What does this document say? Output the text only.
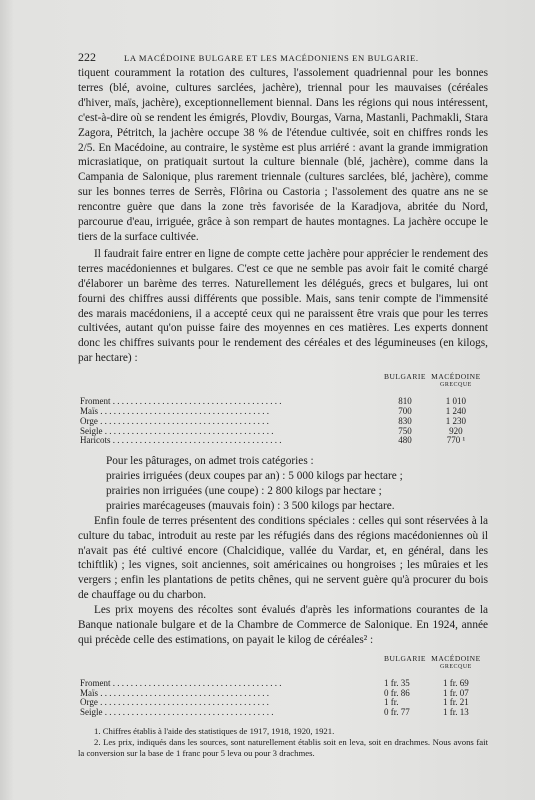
222	LA MACÉDOINE BULGARE ET LES MACÉDONIENS EN BULGARIE.

tiquent couramment la rotation des cultures, l'assolement quadriennal pour les bonnes terres (blé, avoine, cultures sarclées, jachère), triennal pour les mauvaises (céréales d'hiver, maïs, jachère), exceptionnellement biennal. Dans les régions qui nous intéressent, c'est-à-dire où se rendent les émigrés, Plovdiv, Bourgas, Varna, Mastanli, Pachmakli, Stara Zagora, Pétritch, la jachère occupe 38 % de l'étendue cultivée, soit en chiffres ronds les 2/5. En Macédoine, au contraire, le système est plus arriéré : avant la grande immigration micrasiatique, on pratiquait surtout la culture biennale (blé, jachère), comme dans la Campania de Salonique, plus rarement triennale (cultures sarclées, blé, jachère), comme sur les bonnes terres de Serrès, Flôrina ou Castoria ; l'assolement des quatre ans ne se rencontre guère que dans la zone très favorisée de la Karadjova, abritée du Nord, parcourue d'eau, irriguée, grâce à son rempart de hautes montagnes. La jachère occupe le tiers de la surface cultivée.

Il faudrait faire entrer en ligne de compte cette jachère pour apprécier le rendement des terres macédoniennes et bulgares. C'est ce que ne semble pas avoir fait le comité chargé d'élaborer un barème des terres. Naturellement les délégués, grecs et bulgares, lui ont fourni des chiffres aussi différents que possible. Mais, sans tenir compte de l'immensité des marais macédoniens, il a accepté ceux qui ne paraissent être vrais que pour les terres cultivées, autant qu'on puisse faire des moyennes en ces matières. Les experts donnent donc les chiffres suivants pour le rendement des céréales et des légumineuses (en kilogs, par hectare) :

	BULGARIE	MACÉDOINE
GRECQUE

Froment . . .	810	1 010
Maïs . . .	700	1 240
Orge . . .	830	1 230
Seigle . . .	750	920
Haricots . . .	480	770 ¹

Pour les pâturages, on admet trois catégories :

prairies irriguées (deux coupes par an) : 5 000 kilogs par hectare ;

prairies non irriguées (une coupe) : 2 800 kilogs par hectare ;

prairies marécageuses (mauvais foin) : 3 500 kilogs par hectare.

Enfin foule de terres présentent des conditions spéciales : celles qui sont réservées à la culture du tabac, introduit au reste par les réfugiés dans des régions macédoniennes où il n'avait pas été cultivé encore (Chalcidique, vallée du Vardar, et, en général, dans les tchiftlik) ; les vignes, soit anciennes, soit américaines ou hongroises ; les mûraies et les vergers ; enfin les plantations de petits chênes, qui ne servent guère qu'à procurer du bois de chauffage ou du charbon.

Les prix moyens des récoltes sont évalués d'après les informations courantes de la Banque nationale bulgare et de la Chambre de Commerce de Salonique. En 1924, année qui précède celle des estimations, on payait le kilog de céréales² :

	BULGARIE	MACÉDOINE
GRECQUE

Froment . . .	1 fr. 35	1 fr. 69
Maïs . . .	0 fr. 86	1 fr. 07
Orge . . .	1 fr.	1 fr. 21
Seigle . . .	0 fr. 77	1 fr. 13

1. Chiffres établis à l'aide des statistiques de 1917, 1918, 1920, 1921.

2. Les prix, indiqués dans les sources, sont naturellement établis soit en leva, soit en drachmes. Nous avons fait la conversion sur la base de 1 franc pour 5 leva ou pour 3 drachmes.
